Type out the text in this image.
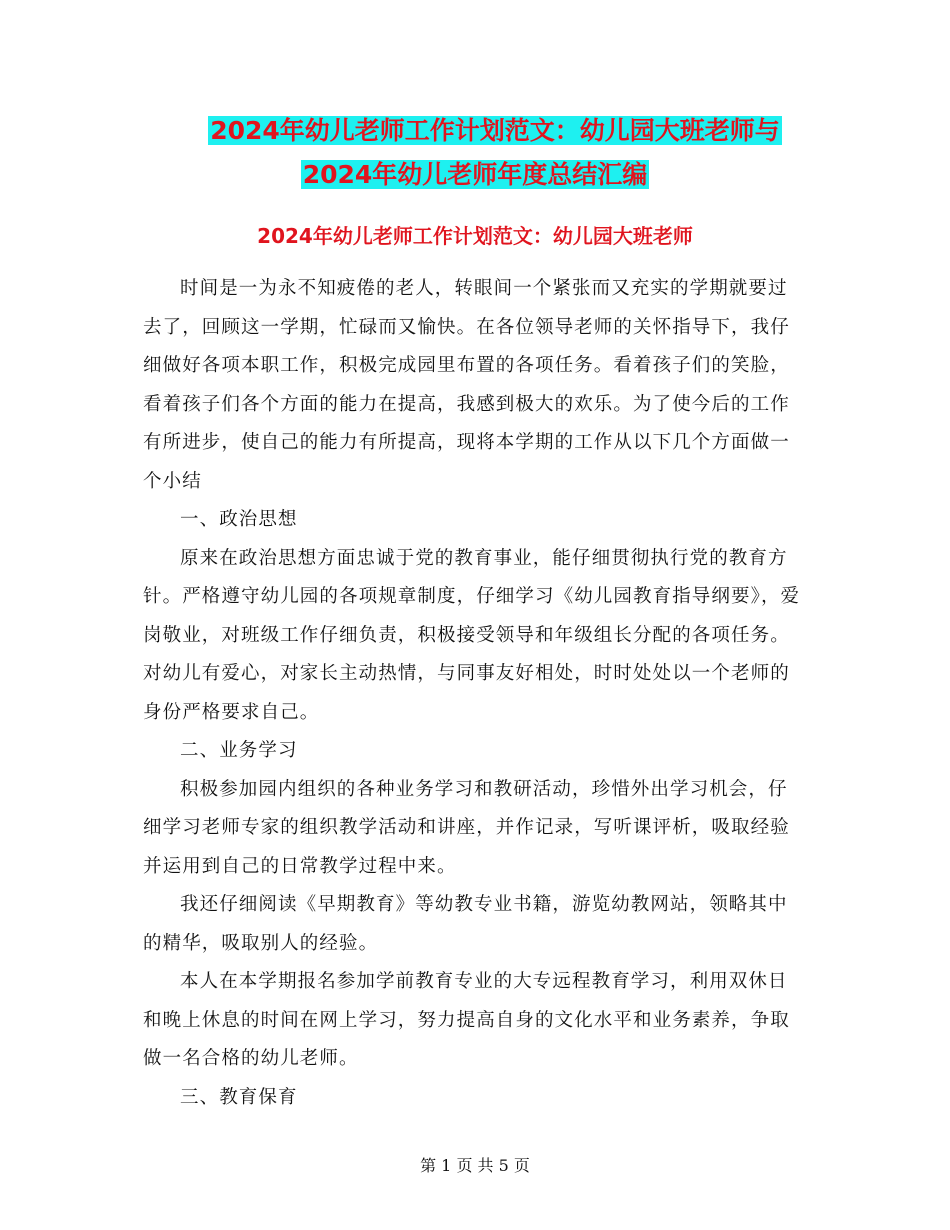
2024年幼儿老师工作计划范文：幼儿园大班老师与
2024年幼儿老师年度总结汇编
2024年幼儿老师工作计划范文：幼儿园大班老师

时间是一为永不知疲倦的老人，转眼间一个紧张而又充实的学期就要过去了，回顾这一学期，忙碌而又愉快。在各位领导老师的关怀指导下，我仔细做好各项本职工作，积极完成园里布置的各项任务。看着孩子们的笑脸，看着孩子们各个方面的能力在提高，我感到极大的欢乐。为了使今后的工作有所进步，使自己的能力有所提高，现将本学期的工作从以下几个方面做一个小结

一、政治思想

原来在政治思想方面忠诚于党的教育事业，能仔细贯彻执行党的教育方针。严格遵守幼儿园的各项规章制度，仔细学习《幼儿园教育指导纲要》，爱岗敬业，对班级工作仔细负责，积极接受领导和年级组长分配的各项任务。对幼儿有爱心，对家长主动热情，与同事友好相处，时时处处以一个老师的身份严格要求自己。

二、业务学习

积极参加园内组织的各种业务学习和教研活动，珍惜外出学习机会，仔细学习老师专家的组织教学活动和讲座，并作记录，写听课评析，吸取经验并运用到自己的日常教学过程中来。

我还仔细阅读《早期教育》等幼教专业书籍，游览幼教网站，领略其中的精华，吸取别人的经验。

本人在本学期报名参加学前教育专业的大专远程教育学习，利用双休日和晚上休息的时间在网上学习，努力提高自身的文化水平和业务素养，争取做一名合格的幼儿老师。

三、教育保育

第 1 页 共 5 页
